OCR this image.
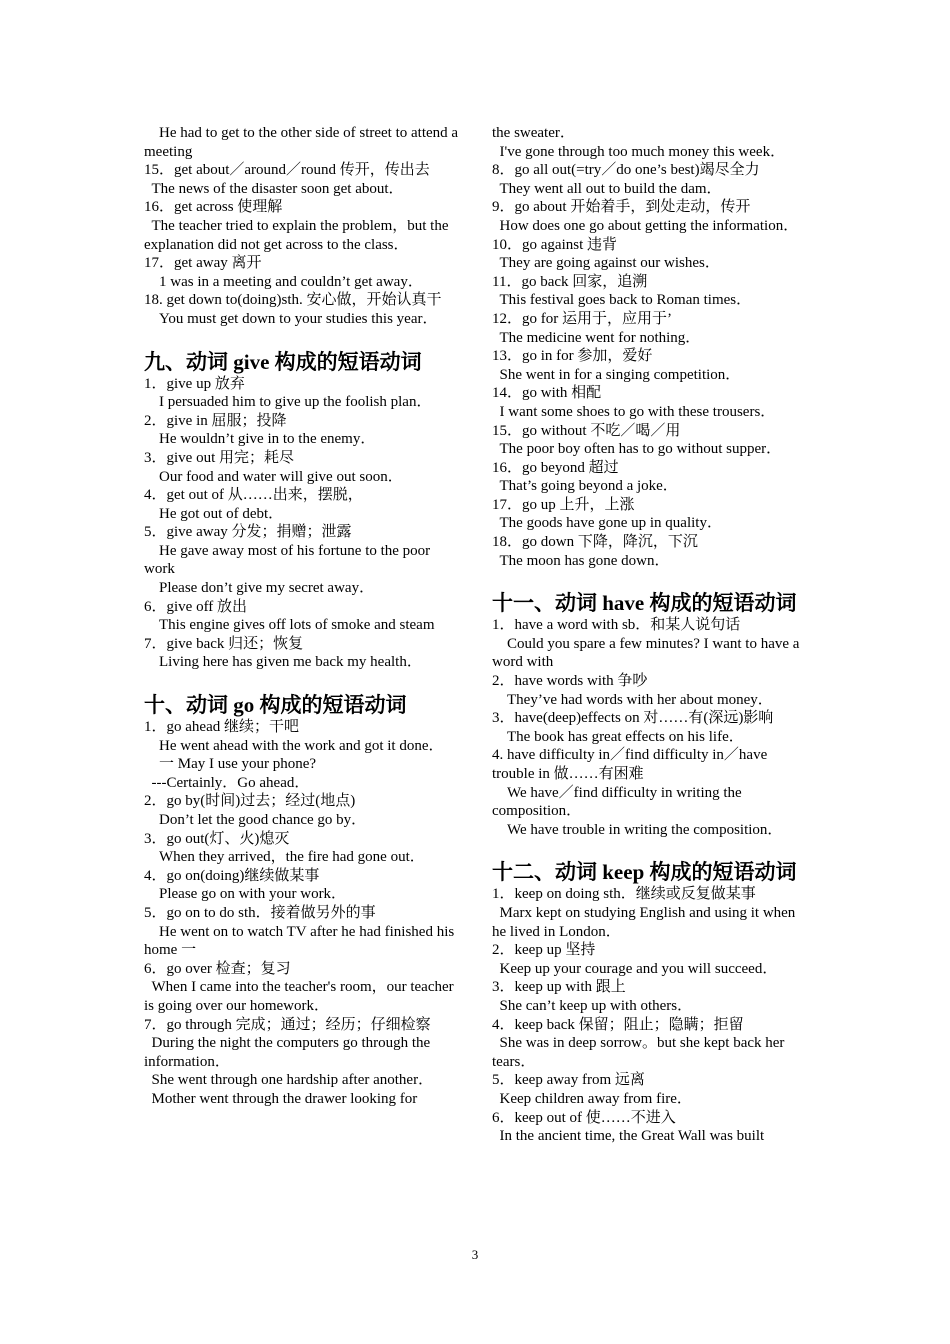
He had to get to the other side of street to attend a meeting
15．get about／around／round 传开，传出去
The news of the disaster soon get about．
16．get across 使理解
The teacher tried to explain the problem，but the explanation did not get across to the class．
17．get away 离开
1 was in a meeting and couldn’t get away．
18. get down to(doing)sth. 安心做，开始认真干
You must get down to your studies this year．
九、动词 give 构成的短语动词
1．give up 放弃
I persuaded him to give up the foolish plan．
2．give in 屈服；投降
He wouldn’t give in to the enemy．
3．give out 用完；耗尽
Our food and water will give out soon．
4．get out of 从……出来，摆脱，
He got out of debt．
5．give away 分发；捐赠；泄露
He gave away most of his fortune to the poor work
Please don’t give my secret away．
6．give off 放出
This engine gives off lots of smoke and steam
7．give back 归还；恢复
Living here has given me back my health．
十、动词 go 构成的短语动词
1．go ahead 继续；干吧
He went ahead with the work and got it done．
一 May I use your phone?
---Certainly．Go ahead．
2．go by(时间)过去；经过(地点)
Don’t let the good chance go by．
3．go out(灯、火)熄灭
When they arrived，the fire had gone out．
4．go on(doing)继续做某事
Please go on with your work．
5．go on to do sth．接着做另外的事
He went on to watch TV after he had finished his home 一
6．go over 检查；复习
When I came into the teacher's room，our teacher is going over our homework．
7．go through 完成；通过；经历；仔细检察
During the night the computers go through the information．
She went through one hardship after another．
Mother went through the drawer looking for
the sweater．
I've gone through too much money this week．
8．go all out(=try／do one’s best)竭尽全力
They went all out to build the dam．
9．go about 开始着手，到处走动，传开
How does one go about getting the information．
10．go against 违背
They are going against our wishes．
11．go back 回家，追溯
This festival goes back to Roman times．
12．go for 运用于，应用于’
The medicine went for nothing．
13．go in for 参加，爱好
She went in for a singing competition．
14．go with 相配
I want some shoes to go with these trousers．
15．go without 不吃／喝／用
The poor boy often has to go without supper．
16．go beyond 超过
That’s going beyond a joke．
17．go up 上升，上涨
The goods have gone up in quality．
18．go down 下降，降沉，下沉
The moon has gone down．
十一、动词 have 构成的短语动词
1．have a word with sb．和某人说句话
Could you spare a few minutes? I want to have a word with
2．have words with 争吵
They’ve had words with her about money．
3．have(deep)effects on 对……有(深远)影响
The book has great effects on his life．
4. have difficulty in／find difficulty in／have trouble in 做……有困难
We have／find difficulty in writing the composition．
We have trouble in writing the composition．
十二、动词 keep 构成的短语动词
1．keep on doing sth．继续或反复做某事
Marx kept on studying English and using it when he lived in London．
2．keep up 坚持
Keep up your courage and you will succeed．
3．keep up with 跟上
She can’t keep up with others．
4．keep back 保留；阻止；隐瞒；拒留
She was in deep sorrow。but she kept back her tears．
5．keep away from 远离
Keep children away from fire．
6．keep out of 使……不进入
In the ancient time, the Great Wall was built
3
